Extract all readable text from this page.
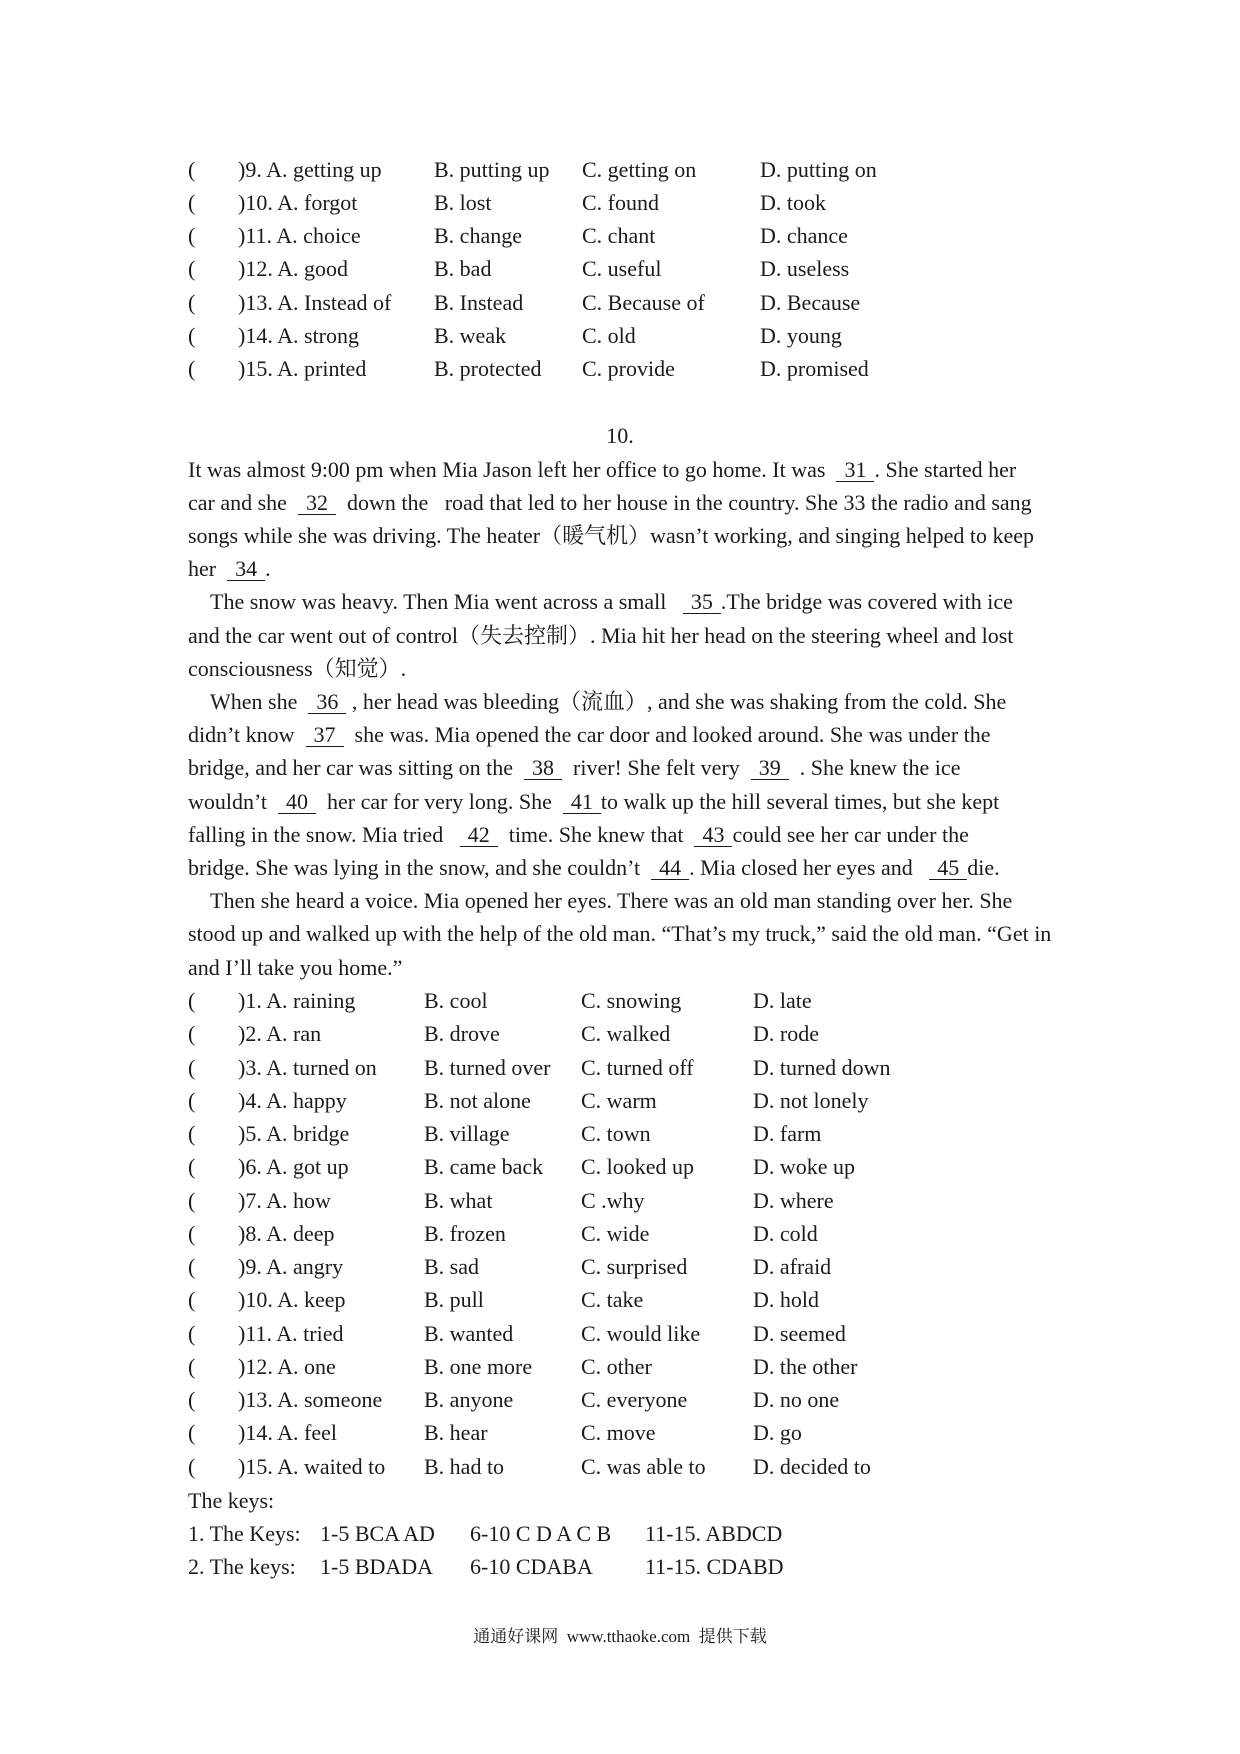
( )9. A. getting up B. putting up C. getting on	D. putting on
( )10. A. forgot	B. lost	C. found	D. took
( )11. A. choice	B. change	C. chant	D. chance
( )12. A. good	B. bad	C. useful	D. useless
( )13. A. Instead of B. Instead	C. Because of	D. Because
( )14. A. strong	B. weak	C. old	D. young
( )15. A. printed	B. protected C. provide	D. promised
10.
It was almost 9:00 pm when Mia Jason left her office to go home. It was  31 . She started her
car and she  32  down the   road that led to her house in the country. She 33 the radio and sang
songs while she was driving. The heater（暖气机）wasn’t working, and singing helped to keep
her  34 .
The snow was heavy. Then Mia went across a small   35 .The bridge was covered with ice
and the car went out of control（失去控制）. Mia hit her head on the steering wheel and lost
consciousness（知觉）.
When she  36 , her head was bleeding（流血）, and she was shaking from the cold. She
didn’t know  37  she was. Mia opened the car door and looked around. She was under the
bridge, and her car was sitting on the  38  river! She felt very  39  . She knew the ice
wouldn’t  40  her car for very long. She  41 to walk up the hill several times, but she kept
falling in the snow. Mia tried   42  time. She knew that  43 could see her car under the
bridge. She was lying in the snow, and she couldn’t  44 . Mia closed her eyes and   45 die.
Then she heard a voice. Mia opened her eyes. There was an old man standing over her. She
stood up and walked up with the help of the old man. “That’s my truck,” said the old man. “Get in
and I’ll take you home.”
( )1. A. raining	B. cool	C. snowing	D. late
( )2. A. ran	B. drove	C. walked	D. rode
( )3. A. turned on B. turned over C. turned off	D. turned down
( )4. A. happy	B. not alone C. warm	D. not lonely
( )5. A. bridge	B. village	C. town	D. farm
( )6. A. got up	B. came back C. looked up	D. woke up
( )7. A. how	B. what	C .why	D. where
( )8. A. deep	B. frozen	C. wide	D. cold
( )9. A. angry	B. sad	C. surprised	D. afraid
( )10. A. keep	B. pull	C. take	D. hold
( )11. A. tried	B. wanted	C. would like D. seemed
( )12. A. one	B. one more C. other	D. the other
( )13. A. someone B. anyone	C. everyone	D. no one
( )14. A. feel	B. hear	C. move	D. go
( )15. A. waited to B. had to	C. was able to D. decided to
The keys:
1. The Keys: 1-5 BCA AD 6-10 C D A C B 11-15. ABDCD
2. The keys: 1-5 BDADA 6-10 CDABA 11-15. CDABD
通通好课网  www.tthaoke.com  提供下载
